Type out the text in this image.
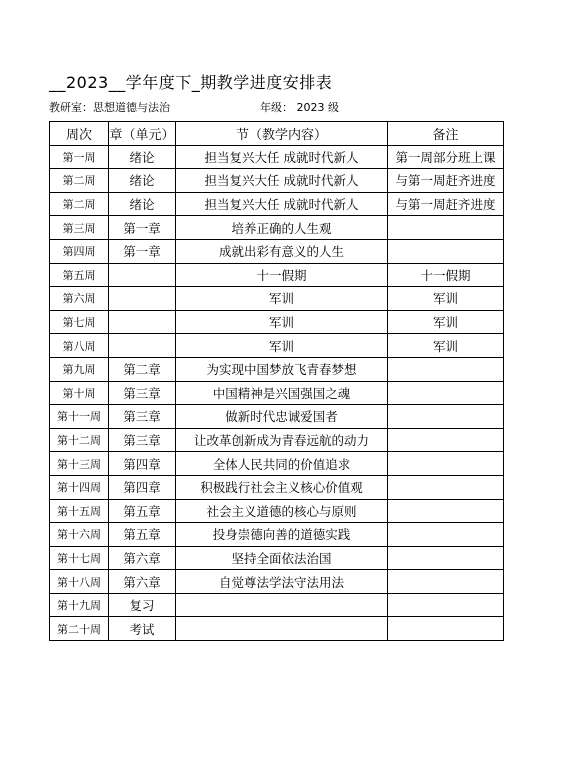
__2023__学年度下_期教学进度安排表
教研室：思想道德与法治	年级： 2023 级
周次	章（单元）	节（教学内容）	备注
第一周	绪论	担当复兴大任 成就时代新人	第一周部分班上课
第二周	绪论	担当复兴大任 成就时代新人	与第一周赶齐进度
第二周	绪论	担当复兴大任 成就时代新人	与第一周赶齐进度
第三周	第一章	培养正确的人生观	
第四周	第一章	成就出彩有意义的人生	
第五周		十一假期	十一假期
第六周		军训	军训
第七周		军训	军训
第八周		军训	军训
第九周	第二章	为实现中国梦放飞青春梦想	
第十周	第三章	中国精神是兴国强国之魂	
第十一周	第三章	做新时代忠诚爱国者	
第十二周	第三章	让改革创新成为青春远航的动力	
第十三周	第四章	全体人民共同的价值追求	
第十四周	第四章	积极践行社会主义核心价值观	
第十五周	第五章	社会主义道德的核心与原则	
第十六周	第五章	投身崇德向善的道德实践	
第十七周	第六章	坚持全面依法治国	
第十八周	第六章	自觉尊法学法守法用法	
第十九周	复习		
第二十周	考试		
